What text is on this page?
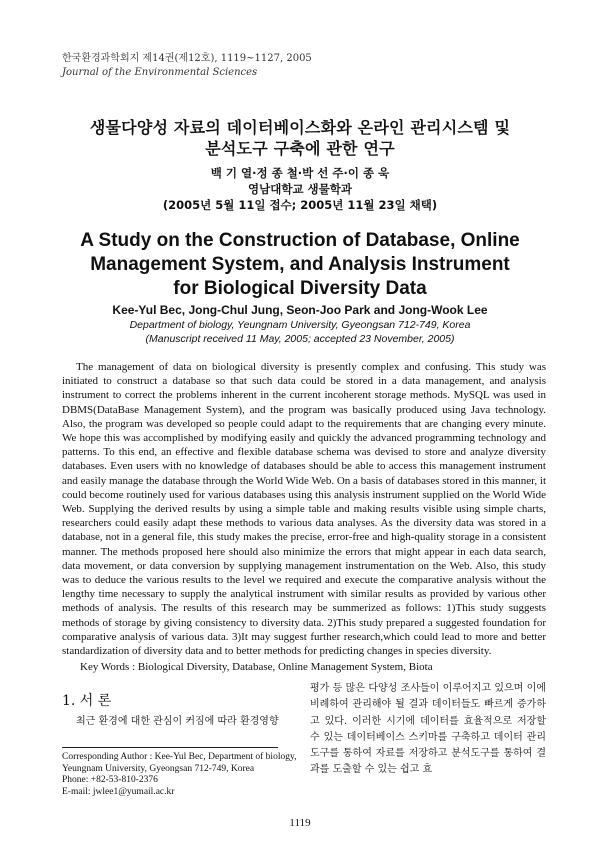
한국환경과학회지 제14권(제12호), 1119~1127, 2005
Journal of the Environmental Sciences
생물다양성 자료의 데이터베이스화와 온라인 관리시스템 및
분석도구 구축에 관한 연구
백 기 열·정 종 철·박 선 주·이 종 욱
영남대학교 생물학과
(2005년 5월 11일 접수; 2005년 11월 23일 채택)
A Study on the Construction of Database, Online
Management System, and Analysis Instrument
for Biological Diversity Data
Kee-Yul Bec, Jong-Chul Jung, Seon-Joo Park and Jong-Wook Lee
Department of biology, Yeungnam University, Gyeongsan 712-749, Korea
(Manuscript received 11 May, 2005; accepted 23 November, 2005)

The management of data on biological diversity is presently complex and confusing. This study was initiated to construct a database so that such data could be stored in a data management, and analysis instrument to correct the problems inherent in the current incoherent storage methods. MySQL was used in DBMS(DataBase Management System), and the program was basically produced using Java technology. Also, the program was developed so people could adapt to the requirements that are changing every minute. We hope this was accomplished by modifying easily and quickly the advanced programming technology and patterns. To this end, an effective and flexible database schema was devised to store and analyze diversity databases. Even users with no knowledge of databases should be able to access this management instrument and easily manage the database through the World Wide Web. On a basis of databases stored in this manner, it could become routinely used for various databases using this analysis instrument supplied on the World Wide Web. Supplying the derived results by using a simple table and making results visible using simple charts, researchers could easily adapt these methods to various data analyses. As the diversity data was stored in a database, not in a general file, this study makes the precise, error-free and high-quality storage in a consistent manner. The methods proposed here should also minimize the errors that might appear in each data search, data movement, or data conversion by supplying management instrumentation on the Web. Also, this study was to deduce the various results to the level we required and execute the comparative analysis without the lengthy time necessary to supply the analytical instrument with similar results as provided by various other methods of analysis. The results of this research may be summerized as follows: 1)This study suggests methods of storage by giving consistency to diversity data. 2)This study prepared a suggested foundation for comparative analysis of various data. 3)It may suggest further research,which could lead to more and better standardization of diversity data and to better methods for predicting changes in species diversity.

Key Words : Biological Diversity, Database, Online Management System, Biota
1. 서 론

최근 환경에 대한 관심이 커짐에 따라 환경영향

Corresponding Author : Kee-Yul Bec, Department of biology,
Yeungnam University, Gyeongsan 712-749, Korea
Phone: +82-53-810-2376
E-mail: jwlee1@yumail.ac.kr

평가 등 많은 다양성 조사들이 이루어지고 있으며 이에 비례하여 관리해야 될 결과 데이터들도 빠르게 증가하고 있다. 이러한 시기에 데이터를 효율적으로 저장할 수 있는 데이터베이스 스키마를 구축하고 데이터 관리 도구를 통하여 자료를 저장하고 분석도구를 통하여 결과를 도출할 수 있는 쉽고 효

1119
